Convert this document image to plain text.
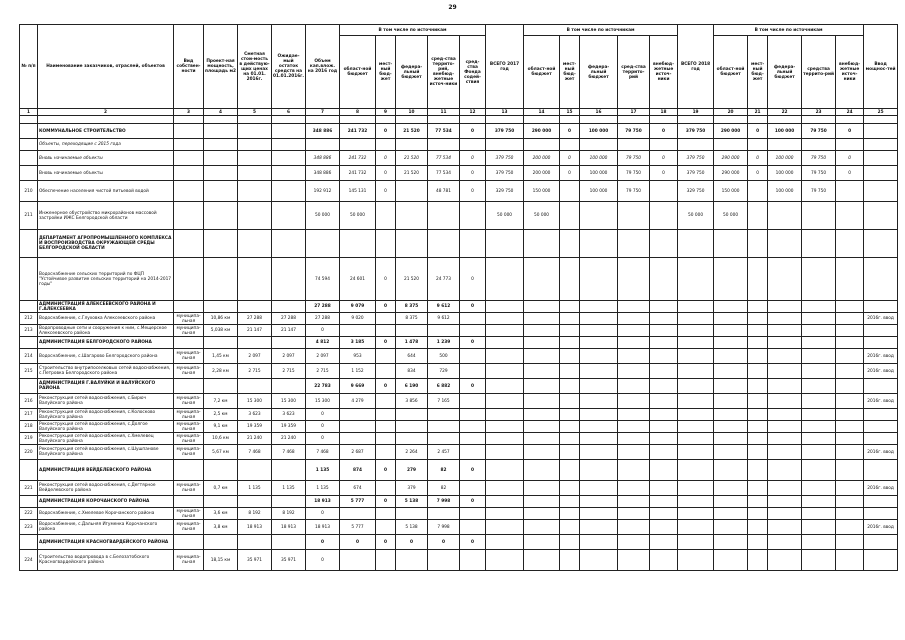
29
№ п/п	Наименование заказчиков, отраслей, объектов	Вид собствен-ности	Проект-ная мощность, площадь м2	Сметная стои-мость в действую-щих ценах на 01.01. 2016г.	Ожидае-мый остаток средств на 01.01.2016г.	Объем кап.влож. на 2016 год	В том числе по источникам					ВСЕГО 2017 год	В том числе по источникам					ВСЕГО 2018 год	В том числе по источникам					Ввод мощнос-тей
							област-ной бюджет	мест-ный бюд-жет	федера-льный бюджет	сред-ства террито-рий, внебюд-жетные источ-ники	сред-ства Фонда содей-ствия		област-ной бюджет	мест-ный бюд-жет	федера-льный бюджет	сред-ства террито-рий	внебюд-жетные источ-ники		област-ной бюджет	мест-ный бюд-жет	федера-льный бюджет	средства террито-рий	внебюд-жетные источ-ники	
1	2	3	4	5	6	7	8	9	10	11	12	13	14	15	16	17	18	19	20	21	22	23	24	25

	КОММУНАЛЬНОЕ СТРОИТЕЛЬСТВО					348 886	241 732	0	21 520	77 534	0	379 750	290 000	0	100 000	79 750	0	379 750	290 000	0	100 000	79 750	0	
	Объекты, переходящие с 2015 года																							
	Вновь начинаемые объекты					348 886	241 732	0	21 520	77 534	0	379 750	200 000	0	100 000	79 750	0	379 750	290 000	0	100 000	79 750	0	
	Вновь начинаемые объекты					348 886	241 732	0	21 520	77 534	0	379 750	200 000	0	100 000	79 750	0	379 750	290 000	0	100 000	79 750	0	
210	Обеспечение населения чистой питьевой водой					192 912	145 131	0		48 781	0	329 750	150 000		100 000	79 750		329 750	150 000		100 000	79 750		
211	Инженерное обустройство микрорайонов массовой застройки ИЖС Белгородской области					50 000	50 000					50 000	50 000					50 000	50 000					
	ДЕПАРТАМЕНТ АГРОПРОМЫШЛЕННОГО КОМПЛЕКСА И ВОСПРОИЗВОДСТВА ОКРУЖАЮЩЕЙ СРЕДЫ БЕЛГОРОДСКОЙ ОБЛАСТИ																							
	Водоснабжение сельских территорий по ФЦП "Устойчивое развитие сельских территорий на 2014-2017 годы"					74 594	24 601	0	21 520	24 773	0													
	АДМИНИСТРАЦИЯ АЛЕКСЕЕВСКОГО РАЙОНА И Г.АЛЕКСЕЕВКА					27 288	9 079	0	8 375	9 612	0													
212	Водоснабжение, с.Глуховка Алексеевского района	муниципа-льная	10,86 км	27 288	27 288	27 288	9 020		8 375	9 612														2016г. ввод
213	Водопроводные сети и сооружения к ним, с.Мещерское Алексеевского района	муниципа-льная	5,038 км	21 147	21 147	0																		
	АДМИНИСТРАЦИЯ БЕЛГОРОДСКОГО РАЙОНА					4 812	3 185	0	1 478	1 239	0													
214	Водоснабжение, с.Шагарово Белгородского района	муниципа-льная	1,45 км	2 097	2 097	2 097	953		644	500														2016г. ввод
215	Строительство внутрипоселковых сетей водоснабжения, с.Петровка Белгородского района	муниципа-льная	2,28 км	2 715	2 715	2 715	1 152		834	729														2016г. ввод
	АДМИНИСТРАЦИЯ Г.ВАЛУЙКИ И ВАЛУЙСКОГО РАЙОНА					22 783	9 669	0	6 190	6 882	0													
216	Реконструкция сетей водоснабжения, с.Бирюч Валуйского района	муниципа-льная	7,2 км	15 300	15 300	15 300	4 279		3 856	7 165														2016г. ввод
217	Реконструкция сетей водоснабжения, с.Колосково Валуйского района	муниципа-льная	2,5 км	3 623	3 623	0																		
218	Реконструкция сетей водоснабжения, с.Долгое Валуйского района	муниципа-льная	9,1 км	19 359	19 359	0																		
219	Реконструкция сетей водоснабжения, с.Хмелевец Валуйского района	муниципа-льная	10,6 км	21 240	21 240	0																		
220	Реконструкция сетей водоснабжения, с.Шушпанове Валуйского района	муниципа-льная	5,67 км	7 468	7 468	7 468	2 687		2 264	2 457														2016г. ввод
	АДМИНИСТРАЦИЯ ВЕЙДЕЛЕВСКОГО РАЙОНА					1 135	874	0	279	82	0													
221	Реконструкция сетей водоснабжения, с.Дегтярное Вейделевского района	муниципа-льная	0,7 км	1 135	1 135	1 135	674		379	82														2016г. ввод
	АДМИНИСТРАЦИЯ КОРОЧАНСКОГО РАЙОНА					18 913	5 777	0	5 138	7 998	0													
222	Водоснабжение, с.Хмелевое Корочанского района	муниципа-льная	3,6 км	8 192	8 192	0																		
223	Водоснабжение, с.Дальняя Игуменка Корочанского района	муниципа-льная	3,8 км	18 913	18 913	18 913	5 777		5 138	7 998														2016г. ввод
	АДМИНИСТРАЦИЯ КРАСНОГВАРДЕЙСКОГО РАЙОНА					0	0	0	0	0	0													
224	Строительство водопровода в с.Белозатобского Красногвардейского района	муниципа-льная	18,15 км	35 971	35 971	0																		
